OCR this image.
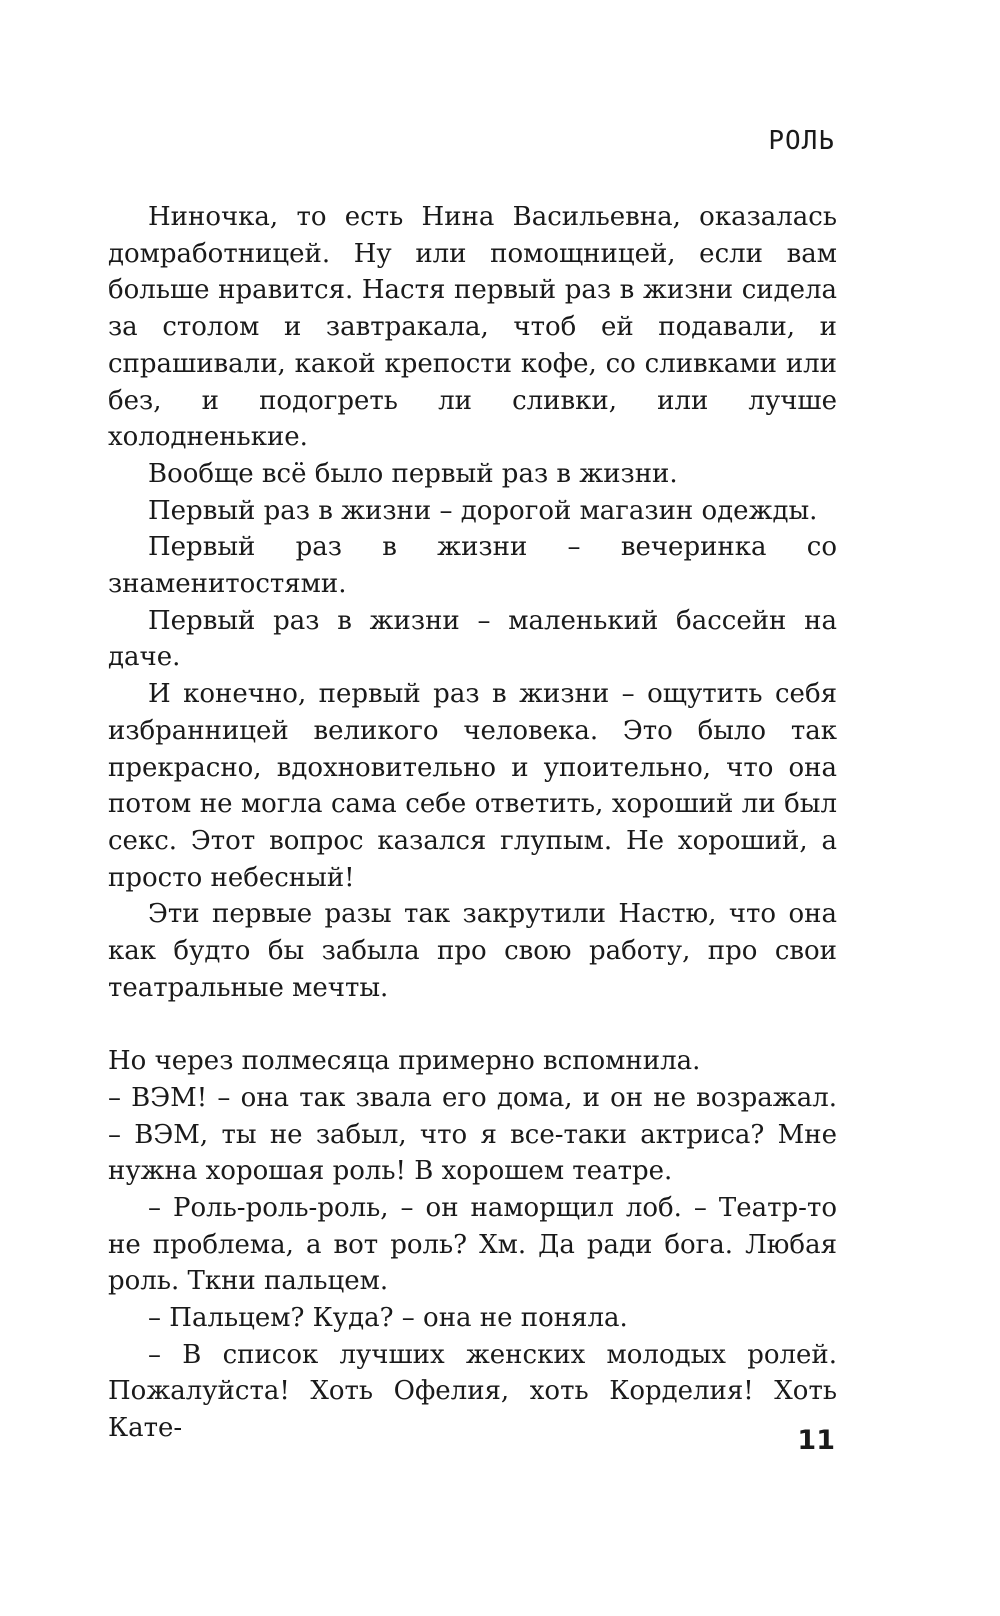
РОЛЬ

Ниночка, то есть Нина Васильевна, оказалась домработницей. Ну или помощницей, если вам больше нравится. Настя первый раз в жизни сидела за столом и завтракала, чтоб ей подавали, и спрашивали, какой крепости кофе, со сливками или без, и подогреть ли сливки, или лучше холодненькие.

Вообще всё было первый раз в жизни.

Первый раз в жизни – дорогой магазин одежды.

Первый раз в жизни – вечеринка со знаменитостями.

Первый раз в жизни – маленький бассейн на даче.

И конечно, первый раз в жизни – ощутить себя избранницей великого человека. Это было так прекрасно, вдохновительно и упоительно, что она потом не могла сама себе ответить, хороший ли был секс. Этот вопрос казался глупым. Не хороший, а просто небесный!

Эти первые разы так закрутили Настю, что она как будто бы забыла про свою работу, про свои театральные мечты.

Но через полмесяца примерно вспомнила.

– ВЭМ! – она так звала его дома, и он не возражал. – ВЭМ, ты не забыл, что я все-таки актриса? Мне нужна хорошая роль! В хорошем театре.

– Роль-роль-роль, – он наморщил лоб. – Театр-то не проблема, а вот роль? Хм. Да ради бога. Любая роль. Ткни пальцем.

– Пальцем? Куда? – она не поняла.

– В список лучших женских молодых ролей. Пожалуйста! Хоть Офелия, хоть Корделия! Хоть Кате-	11
